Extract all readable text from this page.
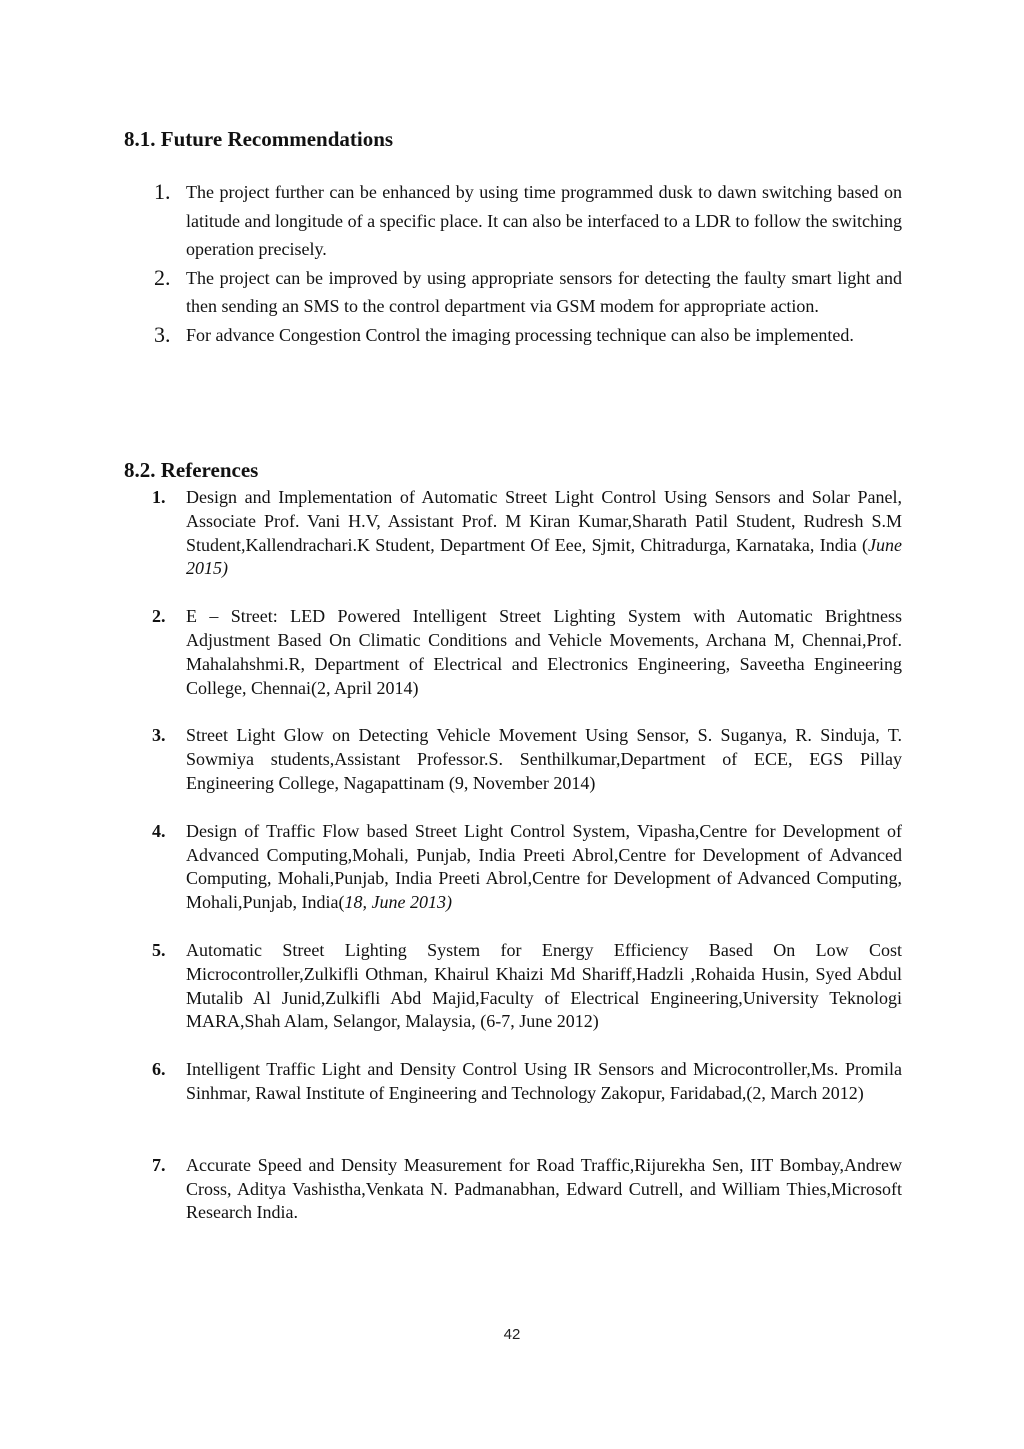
8.1. Future Recommendations
1. The project further can be enhanced by using time programmed dusk to dawn switching based on latitude and longitude of a specific place. It can also be interfaced to a LDR to follow the switching operation precisely.
2. The project can be improved by using appropriate sensors for detecting the faulty smart light and then sending an SMS to the control department via GSM modem for appropriate action.
3. For advance Congestion Control the imaging processing technique can also be implemented.
8.2. References
1.	Design and Implementation of Automatic Street Light Control Using Sensors and Solar Panel, Associate Prof. Vani H.V, Assistant Prof. M Kiran Kumar,Sharath Patil Student, Rudresh S.M Student,Kallendrachari.K Student, Department Of Eee, Sjmit, Chitradurga, Karnataka, India (June 2015)
2.	E – Street: LED Powered Intelligent Street Lighting System with Automatic Brightness Adjustment Based On Climatic Conditions and Vehicle Movements, Archana M, Chennai,Prof. Mahalahshmi.R, Department of Electrical and Electronics Engineering, Saveetha Engineering College, Chennai(2, April 2014)
3.	Street Light Glow on Detecting Vehicle Movement Using Sensor, S. Suganya, R. Sinduja, T. Sowmiya students,Assistant Professor.S. Senthilkumar,Department of ECE, EGS Pillay Engineering College, Nagapattinam (9, November 2014)
4.	Design of Traffic Flow based Street Light Control System, Vipasha,Centre for Development of Advanced Computing,Mohali, Punjab, India Preeti Abrol,Centre for Development of Advanced Computing, Mohali,Punjab, India Preeti Abrol,Centre for Development of Advanced Computing, Mohali,Punjab, India(18, June 2013)
5.	Automatic Street Lighting System for Energy Efficiency Based On Low Cost Microcontroller,Zulkifli Othman, Khairul Khaizi Md Shariff,Hadzli ,Rohaida Husin, Syed Abdul Mutalib Al Junid,Zulkifli Abd Majid,Faculty of Electrical Engineering,University Teknologi MARA,Shah Alam, Selangor, Malaysia, (6-7, June 2012)
6.	Intelligent Traffic Light and Density Control Using IR Sensors and Microcontroller,Ms. Promila Sinhmar, Rawal Institute of Engineering and Technology Zakopur, Faridabad,(2, March 2012)
7.	Accurate Speed and Density Measurement for Road Traffic,Rijurekha Sen, IIT Bombay,Andrew Cross, Aditya Vashistha,Venkata N. Padmanabhan, Edward Cutrell, and William Thies,Microsoft Research India.
42
